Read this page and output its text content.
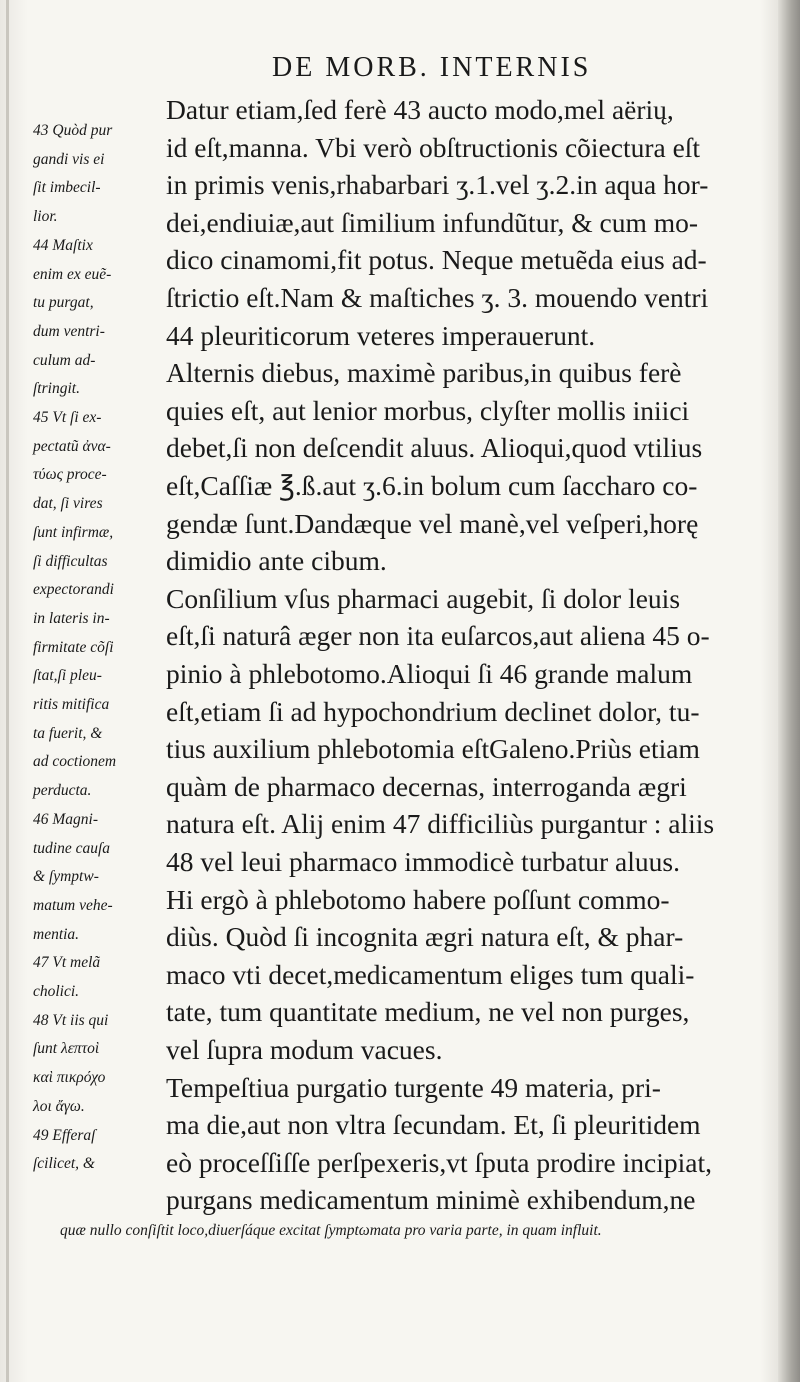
DE MORB. INTERNIS
43 Quòd pur
gandi vis ei
ſit imbecil-
lior.
44 Maſtix
enim ex euẽ-
tu purgat,
dum ventri-
culum ad-
ſtringit.
45 Vt ſi ex-
pectatũ ἀνα-
τύως proce-
dat, ſi vires
ſunt infirmæ,
ſi difficultas
expectorandi
in lateris in-
firmitate cõſi
ſtat,ſi pleu-
ritis mitifica
ta fuerit, &
ad coctionem
perducta.
46 Magni-
tudine cauſa
& ſymptw-
matum vehe-
mentia.
47 Vt melã
cholici.
48 Vt iis qui
ſunt λεπτοὶ
καὶ πικρόχο
λοι ἄγω.
49 Efferaſ
ſcilicet, &
Datur etiam,ſed ferè 43 aucto modo,mel aërių,
id eſt,manna. Vbi verò obſtructionis cõiectura eſt
in primis venis,rhabarbari ʒ.1.vel ʒ.2.in aqua hor-
dei,endiuiæ,aut ſimilium infundũtur, & cum mo-
dico cinamomi,fit potus. Neque metuẽda eius ad-
ſtrictio eſt.Nam & maſtiches ʒ. 3. mouendo ventri
44 pleuriticorum veteres imperauerunt.
Alternis diebus, maximè paribus,in quibus ferè
quies eſt, aut lenior morbus, clyſter mollis iniici
debet,ſi non deſcendit aluus. Alioqui,quod vtilius
eſt,Caſſiæ ℥.ß.aut ʒ.6.in bolum cum ſaccharo co-
gendæ ſunt.Dandæque vel manè,vel veſperi,horę
dimidio ante cibum.
Conſilium vſus pharmaci augebit, ſi dolor leuis
eſt,ſi naturâ æger non ita euſarcos,aut aliena 45 o-
pinio à phlebotomo.Alioqui ſi 46 grande malum
eſt,etiam ſi ad hypochondrium declinet dolor, tu-
tius auxilium phlebotomia eſtGaleno.Priùs etiam
quàm de pharmaco decernas, interroganda ægri
natura eſt. Alij enim 47 difficiliùs purgantur : aliis
48 vel leui pharmaco immodicè turbatur aluus.
Hi ergò à phlebotomo habere poſſunt commo-
diùs. Quòd ſi incognita ægri natura eſt, & phar-
maco vti decet,medicamentum eliges tum quali-
tate, tum quantitate medium, ne vel non purges,
vel ſupra modum vacues.
Tempeſtiua purgatio turgente 49 materia, pri-
ma die,aut non vltra ſecundam. Et, ſi pleuritidem
eò proceſſiſſe perſpexeris,vt ſputa prodire incipiat,
purgans medicamentum minimè exhibendum,ne
quæ nullo conſiſtit loco,diuerſáque excitat ſymptωmata pro varia parte, in quam influit.
